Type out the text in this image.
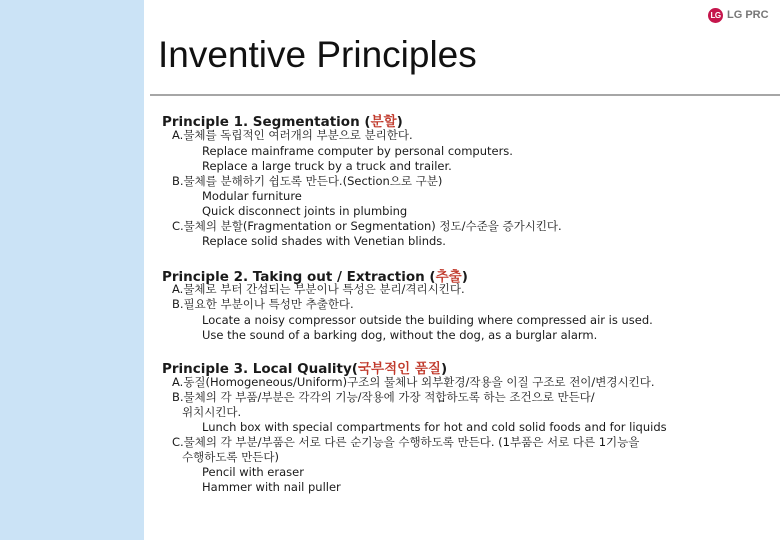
LG LG PRC
Inventive Principles
Principle 1. Segmentation (분할)
A.물체를 독립적인 여러개의 부분으로 분리한다.
Replace mainframe computer by personal computers.
Replace a large truck by a truck and trailer.
B.물체를 분해하기 쉽도록 만든다.(Section으로 구분)
Modular furniture
Quick disconnect joints in plumbing
C.물체의 분할(Fragmentation or Segmentation) 정도/수준을 증가시킨다.
Replace solid shades with Venetian blinds.
Principle 2. Taking out / Extraction (추출)
A.물체로 부터 간섭되는 부분이나 특성은 분리/격리시킨다.
B.필요한 부분이나 특성만 추출한다.
Locate a noisy compressor outside the building where compressed air is used.
Use the sound of a barking dog, without the dog, as a burglar alarm.
Principle 3. Local Quality(국부적인 품질)
A.동질(Homogeneous/Uniform)구조의 물체나 외부환경/작용을 이질 구조로 전이/변경시킨다.
B.물체의 각 부품/부분은 각각의 기능/작용에 가장 적합하도록 하는 조건으로 만든다/
위치시킨다.
Lunch box with special compartments for hot and cold solid foods and for liquids
C.물체의 각 부분/부품은 서로 다른 순기능을 수행하도록 만든다. (1부품은 서로 다른 1기능을
수행하도록 만든다)
Pencil with eraser
Hammer with nail puller
